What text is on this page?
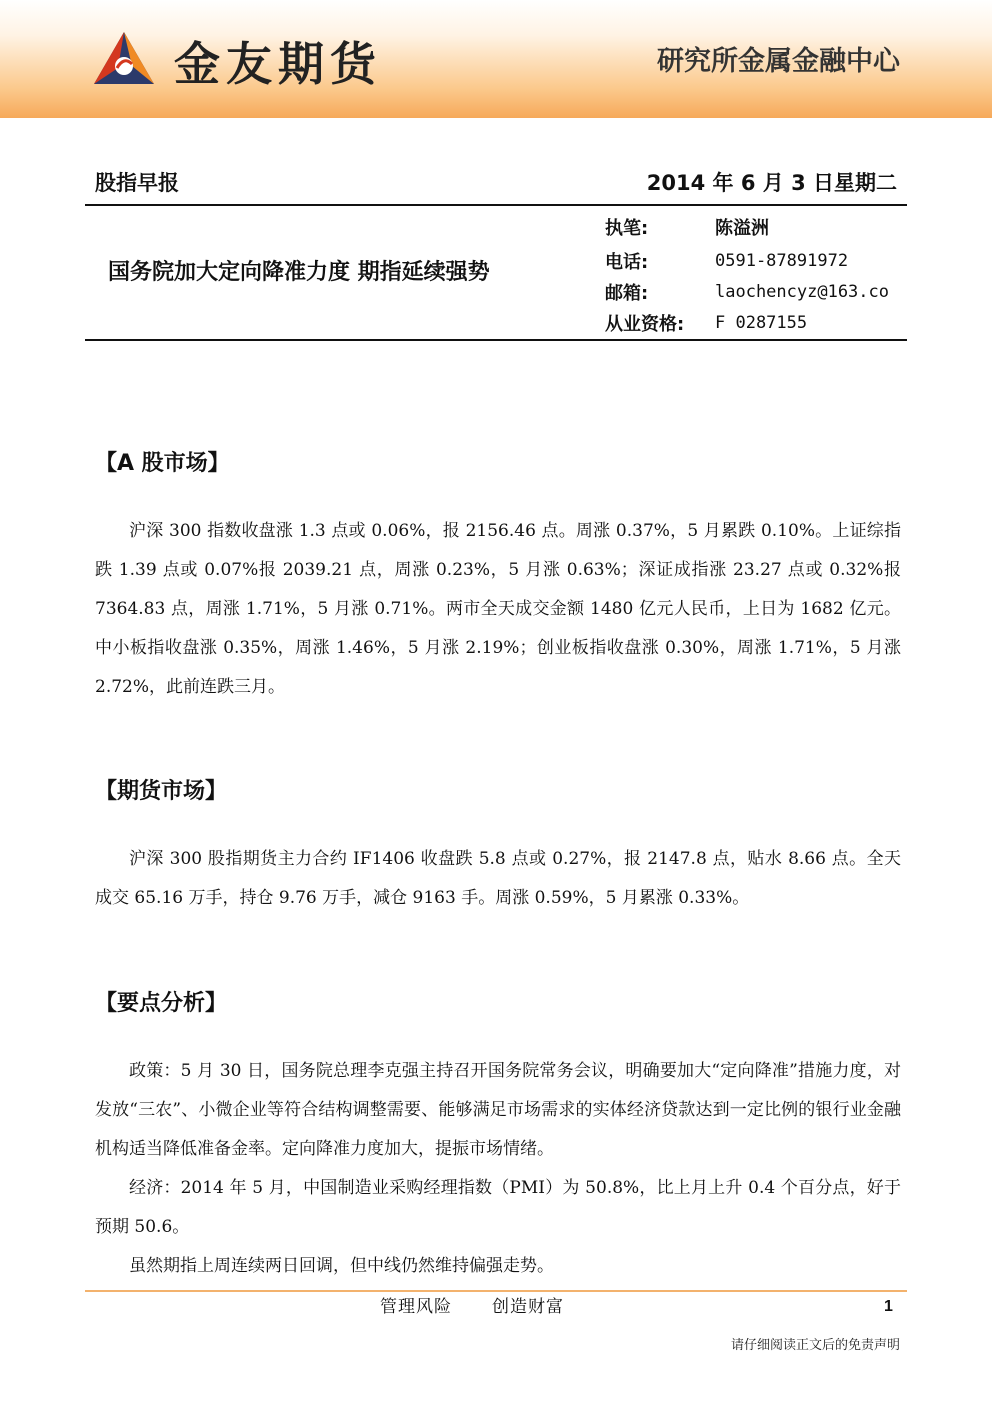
金友期货	研究所金属金融中心
股指早报	2014 年 6 月 3 日星期二
国务院加大定向降准力度 期指延续强势
执笔:	陈溢洲
电话:	0591-87891972
邮箱:	laochencyz@163.co
从业资格:	F 0287155
【A 股市场】

沪深 300 指数收盘涨 1.3 点或 0.06%，报 2156.46 点。周涨 0.37%，5 月累跌 0.10%。上证综指跌 1.39 点或 0.07%报 2039.21 点，周涨 0.23%，5 月涨 0.63%；深证成指涨 23.27 点或 0.32%报 7364.83 点，周涨 1.71%，5 月涨 0.71%。两市全天成交金额 1480 亿元人民币，上日为 1682 亿元。中小板指收盘涨 0.35%，周涨 1.46%，5 月涨 2.19%；创业板指收盘涨 0.30%，周涨 1.71%，5 月涨 2.72%，此前连跌三月。

【期货市场】

沪深 300 股指期货主力合约 IF1406 收盘跌 5.8 点或 0.27%，报 2147.8 点，贴水 8.66 点。全天成交 65.16 万手，持仓 9.76 万手，减仓 9163 手。周涨 0.59%，5 月累涨 0.33%。

【要点分析】

政策：5 月 30 日，国务院总理李克强主持召开国务院常务会议，明确要加大“定向降准”措施力度，对发放“三农”、小微企业等符合结构调整需要、能够满足市场需求的实体经济贷款达到一定比例的银行业金融机构适当降低准备金率。定向降准力度加大，提振市场情绪。

经济：2014 年 5 月，中国制造业采购经理指数（PMI）为 50.8%，比上月上升 0.4 个百分点，好于预期 50.6。

虽然期指上周连续两日回调，但中线仍然维持偏强走势。

管理风险 创造财富	1
请仔细阅读正文后的免责声明
